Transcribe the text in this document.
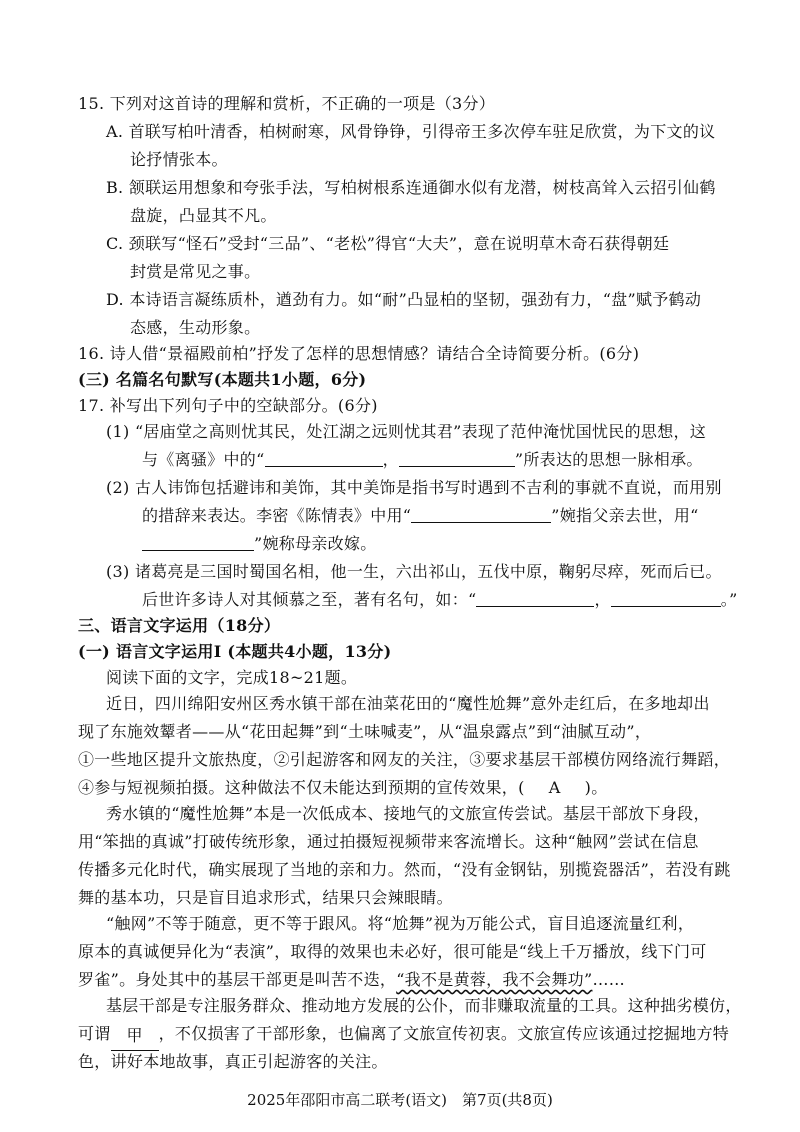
15. 下列对这首诗的理解和赏析，不正确的一项是（3分）
A. 首联写柏叶清香，柏树耐寒，风骨铮铮，引得帝王多次停车驻足欣赏，为下文的议
论抒情张本。
B. 颔联运用想象和夸张手法，写柏树根系连通御水似有龙潜，树枝高耸入云招引仙鹤
盘旋，凸显其不凡。
C. 颈联写“怪石”受封“三品”、“老松”得官“大夫”，意在说明草木奇石获得朝廷
封赏是常见之事。
D. 本诗语言凝练质朴，遒劲有力。如“耐”凸显柏的坚韧，强劲有力，“盘”赋予鹤动
态感，生动形象。
16. 诗人借“景福殿前柏”抒发了怎样的思想情感？请结合全诗简要分析。(6分)
(三) 名篇名句默写(本题共1小题，6分)
17. 补写出下列句子中的空缺部分。(6分)
(1) “居庙堂之高则忧其民，处江湖之远则忧其君”表现了范仲淹忧国忧民的思想，这
与《离骚》中的“	，	”所表达的思想一脉相承。
(2) 古人讳饰包括避讳和美饰，其中美饰是指书写时遇到不吉利的事就不直说，而用别
的措辞来表达。李密《陈情表》中用“	”婉指父亲去世，用“
”婉称母亲改嫁。
(3) 诸葛亮是三国时蜀国名相，他一生，六出祁山，五伐中原，鞠躬尽瘁，死而后已。
后世许多诗人对其倾慕之至，著有名句，如：“	，	。”
三、语言文字运用（18分）
(一) 语言文字运用Ⅰ (本题共4小题，13分)
阅读下面的文字，完成18~21题。
近日，四川绵阳安州区秀水镇干部在油菜花田的“魔性尬舞”意外走红后，在多地却出
现了东施效颦者——从“花田起舞”到“土味喊麦”，从“温泉露点”到“油腻互动”，
①一些地区提升文旅热度，②引起游客和网友的关注，③要求基层干部模仿网络流行舞蹈，
④参与短视频拍摄。这种做法不仅未能达到预期的宣传效果，( A )。
秀水镇的“魔性尬舞”本是一次低成本、接地气的文旅宣传尝试。基层干部放下身段，
用“笨拙的真诚”打破传统形象，通过拍摄短视频带来客流增长。这种“触网”尝试在信息
传播多元化时代，确实展现了当地的亲和力。然而，“没有金钢钻，别揽瓷器活”，若没有跳
舞的基本功，只是盲目追求形式，结果只会辣眼睛。
“触网”不等于随意，更不等于跟风。将“尬舞”视为万能公式，盲目追逐流量红利，
原本的真诚便异化为“表演”，取得的效果也未必好，很可能是“线上千万播放，线下门可
罗雀”。身处其中的基层干部更是叫苦不迭，“我不是黄蓉，我不会舞功”……
基层干部是专注服务群众、推动地方发展的公仆，而非赚取流量的工具。这种拙劣模仿，
可谓 甲 ，不仅损害了干部形象，也偏离了文旅宣传初衷。文旅宣传应该通过挖掘地方特
色，讲好本地故事，真正引起游客的关注。
2025年邵阳市高二联考(语文)　第7页(共8页)
